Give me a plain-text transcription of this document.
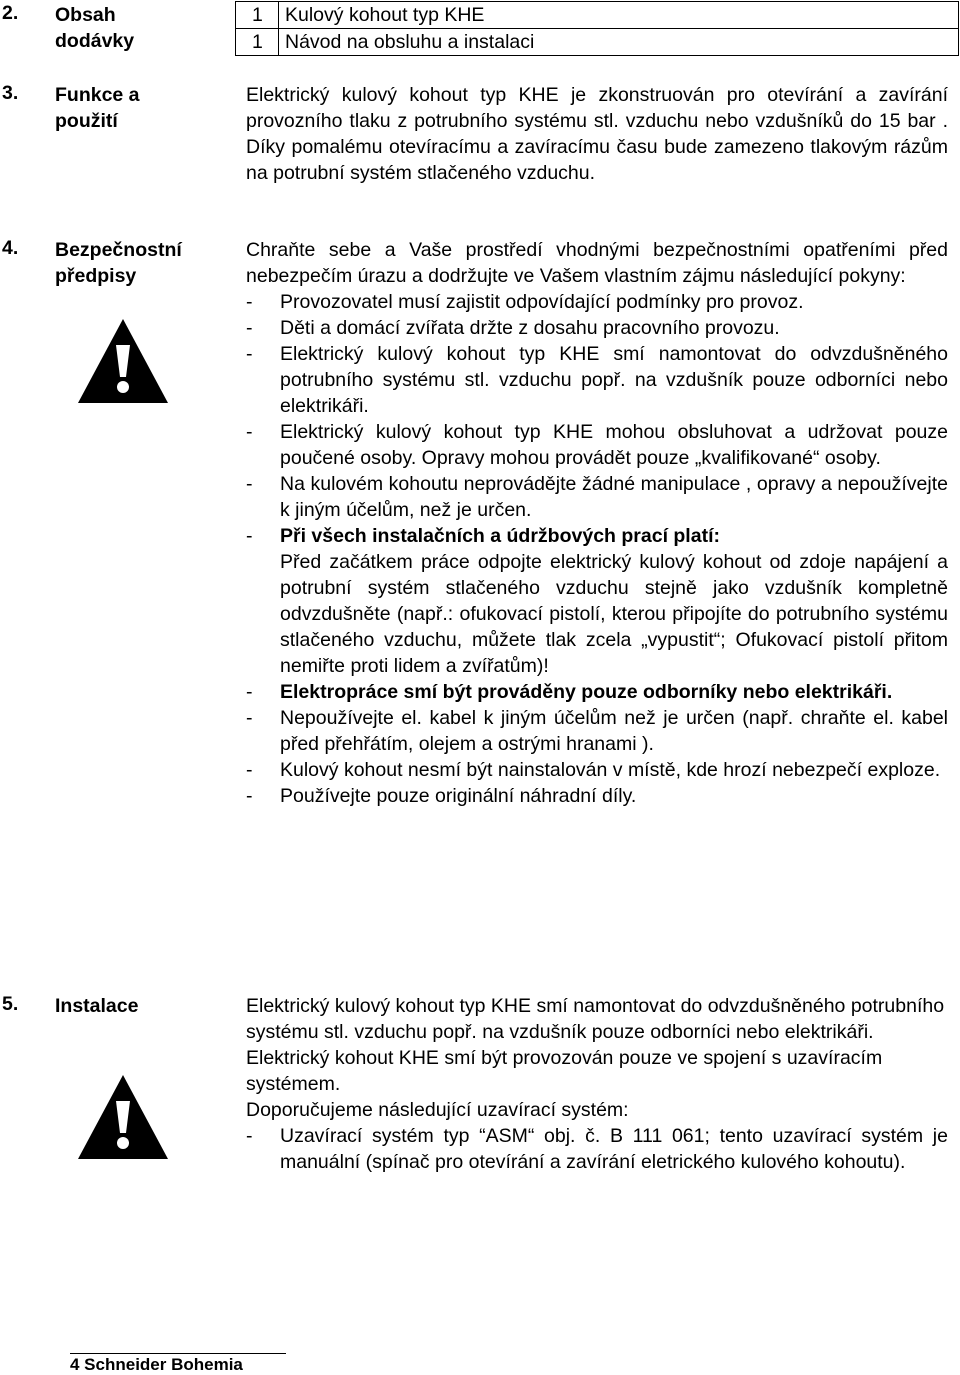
2. Obsah
dodávky
1	Kulový kohout typ KHE
1	Návod na obsluhu a instalaci
3. Funkce a
použití

Elektrický kulový kohout typ KHE je zkonstruován pro otevírání a zavírání provozního tlaku z potrubního systému stl. vzduchu nebo vzdušníků do 15 bar . Díky pomalému otevíracímu a zavíracímu času bude zamezeno tlakovým rázům na potrubní systém stlačeného vzduchu.

4. Bezpečnostní
předpisy

Chraňte sebe a Vaše prostředí vhodnými bezpečnostními opatřeními před nebezpečím úrazu a dodržujte ve Vašem vlastním zájmu následující pokyny:

- Provozovatel musí zajistit odpovídající podmínky pro provoz.
- Děti a domácí zvířata držte z dosahu pracovního provozu.
- Elektrický kulový kohout typ KHE smí namontovat do odvzdušněného potrubního systému stl. vzduchu popř. na vzdušník pouze odborníci nebo elektrikáři.
- Elektrický kulový kohout typ KHE mohou obsluhovat a udržovat pouze poučené osoby. Opravy mohou provádět pouze „kvalifikované“ osoby.
- Na kulovém kohoutu neprovádějte žádné manipulace , opravy a nepoužívejte k jiným účelům, než je určen.
- Při všech instalačních a údržbových prací platí:
Před začátkem práce odpojte elektrický kulový kohout od zdoje napájení a potrubní systém stlačeného vzduchu stejně jako vzdušník kompletně odvzdušněte (např.: ofukovací pistolí, kterou připojíte do potrubního systému stlačeného vzduchu, můžete tlak zcela „vypustit“; Ofukovací pistolí přitom nemiřte proti lidem a zvířatům)!
- Elektropráce smí být prováděny pouze odborníky nebo elektrikáři.
- Nepoužívejte el. kabel k jiným účelům než je určen (např. chraňte el. kabel před přehřátím, olejem a ostrými hranami ).
- Kulový kohout nesmí být nainstalován v místě, kde hrozí nebezpečí exploze.
- Používejte pouze originální náhradní díly.
5. Instalace	Elektrický kulový kohout typ KHE smí namontovat do odvzdušněného potrubního systému stl. vzduchu popř. na vzdušník pouze odborníci nebo elektrikáři.

Elektrický kohout KHE smí být provozován pouze ve spojení s uzavíracím systémem.

Doporučujeme následující uzavírací systém:

- Uzavírací systém typ “ASM“ obj. č. B 111 061; tento uzavírací systém je manuální (spínač pro otevírání a zavírání eletrického kulového kohoutu).
4 Schneider Bohemia
